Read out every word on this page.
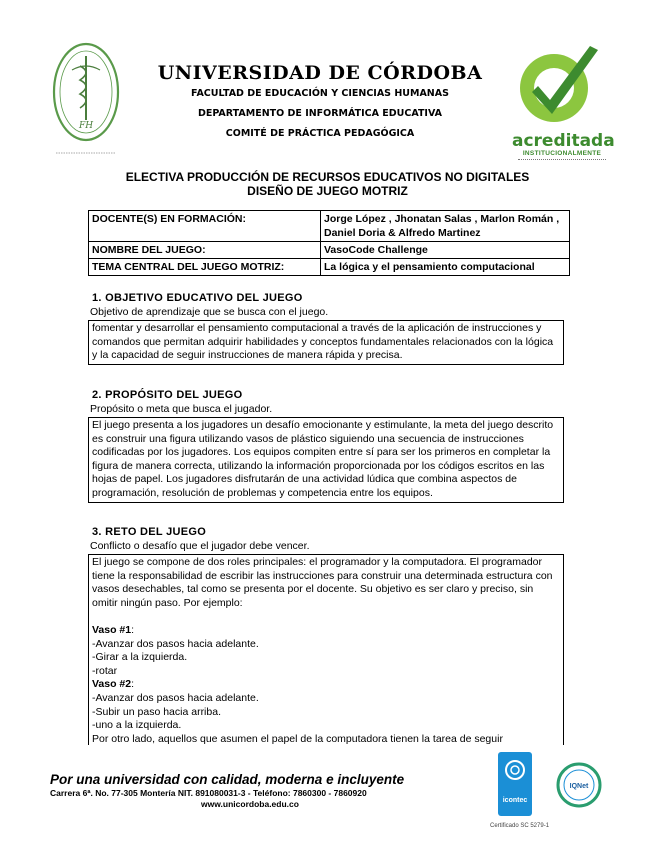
FH
UNIVERSIDAD DE CÓRDOBA
FACULTAD DE EDUCACIÓN Y CIENCIAS HUMANAS
DEPARTAMENTO DE INFORMÁTICA EDUCATIVA
COMITÉ DE PRÁCTICA PEDAGÓGICA	acreditada
INSTITUCIONALMENTE
ELECTIVA PRODUCCIÓN DE RECURSOS EDUCATIVOS NO DIGITALES
DISEÑO DE JUEGO MOTRIZ
DOCENTE(S) EN FORMACIÓN:	Jorge López , Jhonatan Salas , Marlon Román , Daniel Doria & Alfredo Martinez
NOMBRE DEL JUEGO:	VasoCode Challenge
TEMA CENTRAL DEL JUEGO MOTRIZ:	La lógica y el pensamiento computacional
1. OBJETIVO EDUCATIVO DEL JUEGO
Objetivo de aprendizaje que se busca con el juego.

fomentar y desarrollar el pensamiento computacional a través de la aplicación de instrucciones y comandos que permitan adquirir habilidades y conceptos fundamentales relacionados con la lógica y la capacidad de seguir instrucciones de manera rápida y precisa.

2. PROPÓSITO DEL JUEGO
Propósito o meta que busca el jugador.

El juego presenta a los jugadores un desafío emocionante y estimulante, la meta del juego descrito es construir una figura utilizando vasos de plástico siguiendo una secuencia de instrucciones codificadas por los jugadores. Los equipos compiten entre sí para ser los primeros en completar la figura de manera correcta, utilizando la información proporcionada por los códigos escritos en las hojas de papel. Los jugadores disfrutarán de una actividad lúdica que combina aspectos de programación, resolución de problemas y competencia entre los equipos.

3. RETO DEL JUEGO
Conflicto o desafío que el jugador debe vencer.

El juego se compone de dos roles principales: el programador y la computadora. El programador tiene la responsabilidad de escribir las instrucciones para construir una determinada estructura con vasos desechables, tal como se presenta por el docente. Su objetivo es ser claro y preciso, sin omitir ningún paso. Por ejemplo:

Vaso #1:

-Avanzar dos pasos hacia adelante.

-Girar a la izquierda.

-rotar

Vaso #2:

-Avanzar dos pasos hacia adelante.

-Subir un paso hacia arriba.

-uno a la izquierda.

Por otro lado, aquellos que asumen el papel de la computadora tienen la tarea de seguir

Por una universidad con calidad, moderna e incluyente
Carrera 6ª. No. 77-305 Montería NIT. 891080031-3 - Teléfono: 7860300 - 7860920
www.unicordoba.edu.co	icontec
IQNet
Certificado SC 5279-1
